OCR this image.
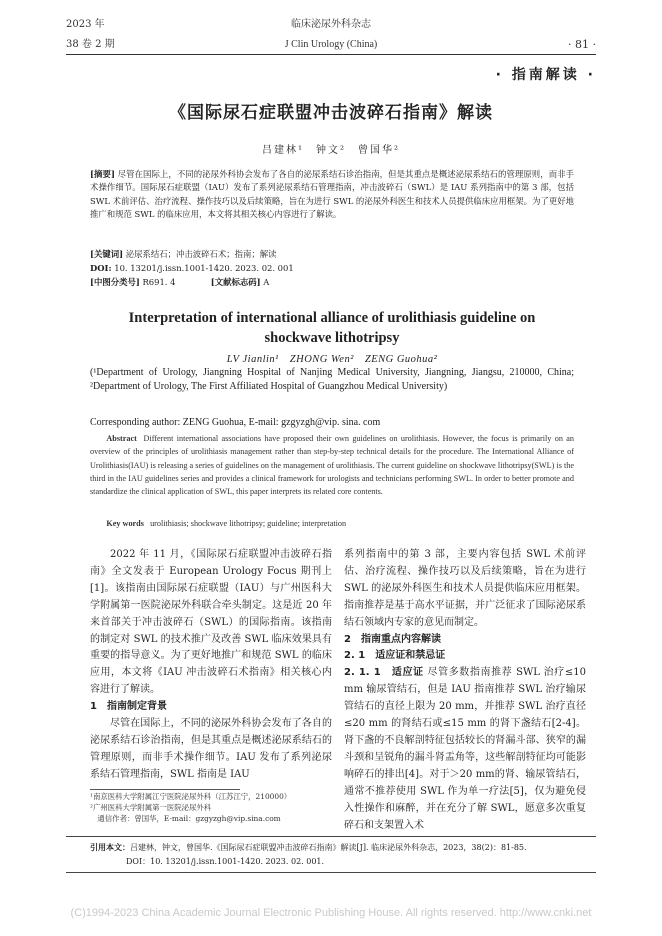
2023 年
38 卷 2 期
临床泌尿外科杂志
J Clin Urology (China)	· 81 ·
· 指南解读 ·
《国际尿石症联盟冲击波碎石指南》解读
吕建林¹　钟文²　曾国华²
[摘要] 尽管在国际上，不同的泌尿外科协会发布了各自的泌尿系结石诊治指南，但是其重点是概述泌尿系结石的管理原则，而非手术操作细节。国际尿石症联盟（IAU）发布了系列泌尿系结石管理指南，冲击波碎石（SWL）是 IAU 系列指南中的第 3 部，包括 SWL 术前评估、治疗流程、操作技巧以及后续策略，旨在为进行 SWL 的泌尿外科医生和技术人员提供临床应用框架。为了更好地推广和规范 SWL 的临床应用，本文将其相关核心内容进行了解读。
[关键词] 泌尿系结石；冲击波碎石术；指南；解读
DOI: 10. 13201/j.issn.1001-1420. 2023. 02. 001
[中图分类号] R691. 4	[文献标志码] A
Interpretation of international alliance of urolithiasis guideline on
shockwave lithotripsy
LV Jianlin¹　ZHONG Wen²　ZENG Guohua²
(¹Department of Urology, Jiangning Hospital of Nanjing Medical University, Jiangning, Jiangsu, 210000, China; ²Department of Urology, The First Affiliated Hospital of Guangzhou Medical University)
Corresponding author: ZENG Guohua, E-mail: gzgyzgh@vip. sina. com
Abstract Different international associations have proposed their own guidelines on urolithiasis. However, the focus is primarily on an overview of the principles of urolithiasis management rather than step-by-step technical details for the procedure. The International Alliance of Urolithiasis(IAU) is releasing a series of guidelines on the management of urolithiasis. The current guideline on shockwave lithotripsy(SWL) is the third in the IAU guidelines series and provides a clinical framework for urologists and technicians performing SWL. In order to better promote and standardize the clinical application of SWL, this paper interprets its related core contents.
Key words urolithiasis; shockwave lithotripsy; guideline; interpretation

2022 年 11 月，《国际尿石症联盟冲击波碎石指南》全文发表于 European Urology Focus 期刊上[1]。该指南由国际尿石症联盟（IAU）与广州医科大学附属第一医院泌尿外科联合牵头制定。这是近 20 年来首部关于冲击波碎石（SWL）的国际指南。该指南的制定对 SWL 的技术推广及改善 SWL 临床效果具有重要的指导意义。为了更好地推广和规范 SWL 的临床应用，本文将《IAU 冲击波碎石术指南》相关核心内容进行了解读。

1　指南制定背景

尽管在国际上，不同的泌尿外科协会发布了各自的泌尿系结石诊治指南，但是其重点是概述泌尿系结石的管理原则，而非手术操作细节。IAU 发布了系列泌尿系结石管理指南，SWL 指南是 IAU

¹南京医科大学附属江宁医院泌尿外科（江苏江宁，210000）
²广州医科大学附属第一医院泌尿外科
通信作者：曾国华，E-mail：gzgyzgh@vip.sina.com
系列指南中的第 3 部，主要内容包括 SWL 术前评估、治疗流程、操作技巧以及后续策略，旨在为进行 SWL 的泌尿外科医生和技术人员提供临床应用框架。指南推荐是基于高水平证据，并广泛征求了国际泌尿系结石领域内专家的意见而制定。
2　指南重点内容解读
2. 1　适应证和禁忌证
2. 1. 1　适应证 尽管多数指南推荐 SWL 治疗≤10 mm 输尿管结石，但是 IAU 指南推荐 SWL 治疗输尿管结石的直径上限为 20 mm，并推荐 SWL 治疗直径≤20 mm 的肾结石或≤15 mm 的肾下盏结石[2-4]。肾下盏的不良解剖特征包括较长的肾漏斗部、狭窄的漏斗颈和呈锐角的漏斗肾盂角等，这些解剖特征均可能影响碎石的排出[4]。对于＞20 mm的肾、输尿管结石，通常不推荐使用 SWL 作为单一疗法[5]，仅为避免侵入性操作和麻醉，并在充分了解 SWL，愿意多次重复碎石和支架置入术
引用本文：吕建林，钟文，曾国华.《国际尿石症联盟冲击波碎石指南》解读[J]. 临床泌尿外科杂志，2023，38(2)：81-85.
DOI：10. 13201/j.issn.1001-1420. 2023. 02. 001.
(C)1994-2023 China Academic Journal Electronic Publishing House. All rights reserved. http://www.cnki.net
